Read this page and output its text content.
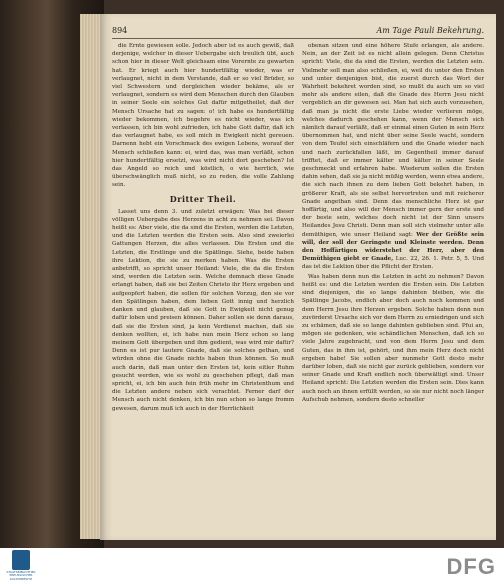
894	Am Tage Pauli Bekehrung.

die Ernte gewiesen solle. Jedoch aber ist es auch gewiß, daß derjenige, welcher in dieser Uebergabe sich treulich übt, auch schon hier in dieser Welt gleichsam eine Vorernte zu gewarten hat. Er kriegt auch hier hundertfältig wieder, was er verlaugnet, nicht in dem Verstande, daß er so viel Brüder, so viel Schwestern und dergleichen wieder bekäme, als er verlaugnet, sondern es wird dem Menschen durch den Glauben in seiner Seele ein solches Gut dafür mitgetheilet, daß der Mensch Ursache hat zu sagen: o! ich habe es hundertfältig wieder bekommen, ich begehre es nicht wieder, was ich verlassen, ich bin wohl zufrieden, ich habe Gott dafür, daß ich das verlaugnet habe, es soll mich in Ewigkeit nicht gereuen. Darnenn hebt ein Vorschmack des ewigen Lebens, worauf der Mensch schließen kann: ei, wird das, was man verläßt, schon hier hundertfältig ersetzt, was wird nicht dort geschehen? Ist das Angeld so reich und köstlich, o wie herrlich, wie überschwänglich muß nicht, so zu reden, die volle Zahlung sein.

Dritter Theil.

Lasset uns denn 3. und zuletzt erwägen: Was bei dieser völligen Uebergabe des Herzens in acht zu nehmen sei. Davon heißt es: Aber viele, die da sind die Ersten, werden die Letzten, und die Letzten werden die Ersten sein. Also sind zweierlei Gattungen Herzen, die alles verlassen. Die Ersten und die Letzten, die Erstlinge und die Spätlinge. Siehe, beide haben ihre Lektion, die sie zu merken haben. Was die Ersten anbetrifft, so spricht unser Heiland: Viele, die da die Ersten sind, werden die Letzten sein. Welche demnach diese Gnade erlangt haben, daß sie bei Zeiten Christo ihr Herz ergeben und aufgeopfert haben, die sollen für solchen Vorzug, den sie vor den Spätlingen haben, dem lieben Gott innig und herzlich danken und glauben, daß sie Gott in Ewigkeit nicht genug dafür loben und preisen können. Daher sollen sie denn daraus, daß sie die Ersten sind, ja kein Verdienst machen, daß sie denken wollten, ei, ich habe nun mein Herz schon so lang meinem Gott übergeben und ihm gedient, was wird mir dafür? Denn es ist pur lautere Gnade, daß sie solches gethan, und würden ohne die Gnade nichts haben thun können. So muß auch darin, daß man unter den Ersten ist, kein eitler Ruhm gesucht werden, wie es wohl zu geschehen pflegt, daß man spricht, ei, ich bin auch fein früh mehr im Christenthum und die Letzten andere neben sich verachtet. Ferner darf der Mensch auch nicht denken, ich bin nun schon so lange fromm gewesen, darum muß ich auch in der Herrlichkeit

obenan sitzen und eine höhere Stufe erlangen, als andere. Nein, an der Zeit ist es nicht allein gelegen. Denn Christus spricht: Viele, die da sind die Ersten, werden die Letzten sein. Vielmehr soll man also schließen, ei, weil du unter den Ersten und unter denjenigen bist, die zuerst durch das Wort der Wahrheit bekehret worden sind, so mußt du auch um so viel mehr als andere eilen, daß die Gnade des Herrn Jesu nicht vergeblich an dir gewesen sei. Man hat sich auch vorzusehen, daß man ja nicht die erste Liebe wieder verlieren möge, welches dadurch geschehen kann, wenn der Mensch sich nämlich darauf verläßt, daß er einmal einen Guten in sein Herz übernommen hat, und nicht über seine Seele wacht, sondern von dem Teufel sich einschläfern und die Gnade wieder nach und nach zurückfallen läßt, im Gegentheil immer darauf trifftet, daß er immer kälter und kälter in seiner Seele geschmeckt und erfahren habe. Wiederum sollen die Ersten dahin sehen, daß sie ja nicht müßig werden, wenn etwa andere, die sich nach ihnen zu dem lieben Gott bekehrt haben, in größerer Kraft, als sie selbst hervortreten und mit reicherer Gnade angethan sind. Denn das menschliche Herz ist gar hoffärtig, und also will der Mensch immer gern der erste und der beste sein, welches doch nicht ist der Sinn unsers Heilandes Jesu Christi. Denn man soll sich vielmehr unter alle demüthigen, wie unser Heiland sagt: Wer der Größte sein will, der soll der Geringste und Kleinste werden. Denn den Hoffärtigen widerstehet der Herr, aber den Demüthigen giebt er Gnade, Luc. 22, 26. 1. Petr. 5, 5. Und das ist die Lektion über die Pflicht der Ersten.

Was haben denn nun die Letzten in acht zu nehmen? Davon heißt es: und die Letzten werden die Ersten sein. Die Letzten sind diejenigen, die so lange dahinten bleiben, wie die Spätlinge Jacobs, endlich aber doch auch noch kommen und dem Herrn Jesu ihre Herzen ergeben. Solche haben denn nun zuvörderst Ursache sich vor dem Herrn zu erniedrigen und sich zu schämen, daß sie so lange dahinten geblieben sind. Pfui an, mögen sie gedenken, wie schändlichen Menschen, daß ich so viele Jahre zugebracht, und von dem Herrn Jesu und dem Guten, das in ihm ist, gehört, und ihm mein Herz doch nicht ergeben habe! Sie sollen aber nunmehr Gott desto mehr darüber loben, daß sie nicht gar zurück geblieben, sondern vor seiner Gnade und Kraft endlich noch überwältigt sind. Unser Heiland spricht: Die Letzten werden die Ersten sein. Dies kann auch noch an ihnen erfüllt werden, so sie nur nicht noch länger Aufschub nehmen, sondern desto schneller

STAATSBIBLIOTHEK PREUSSISCHER KULTURBESITZ	DFG
